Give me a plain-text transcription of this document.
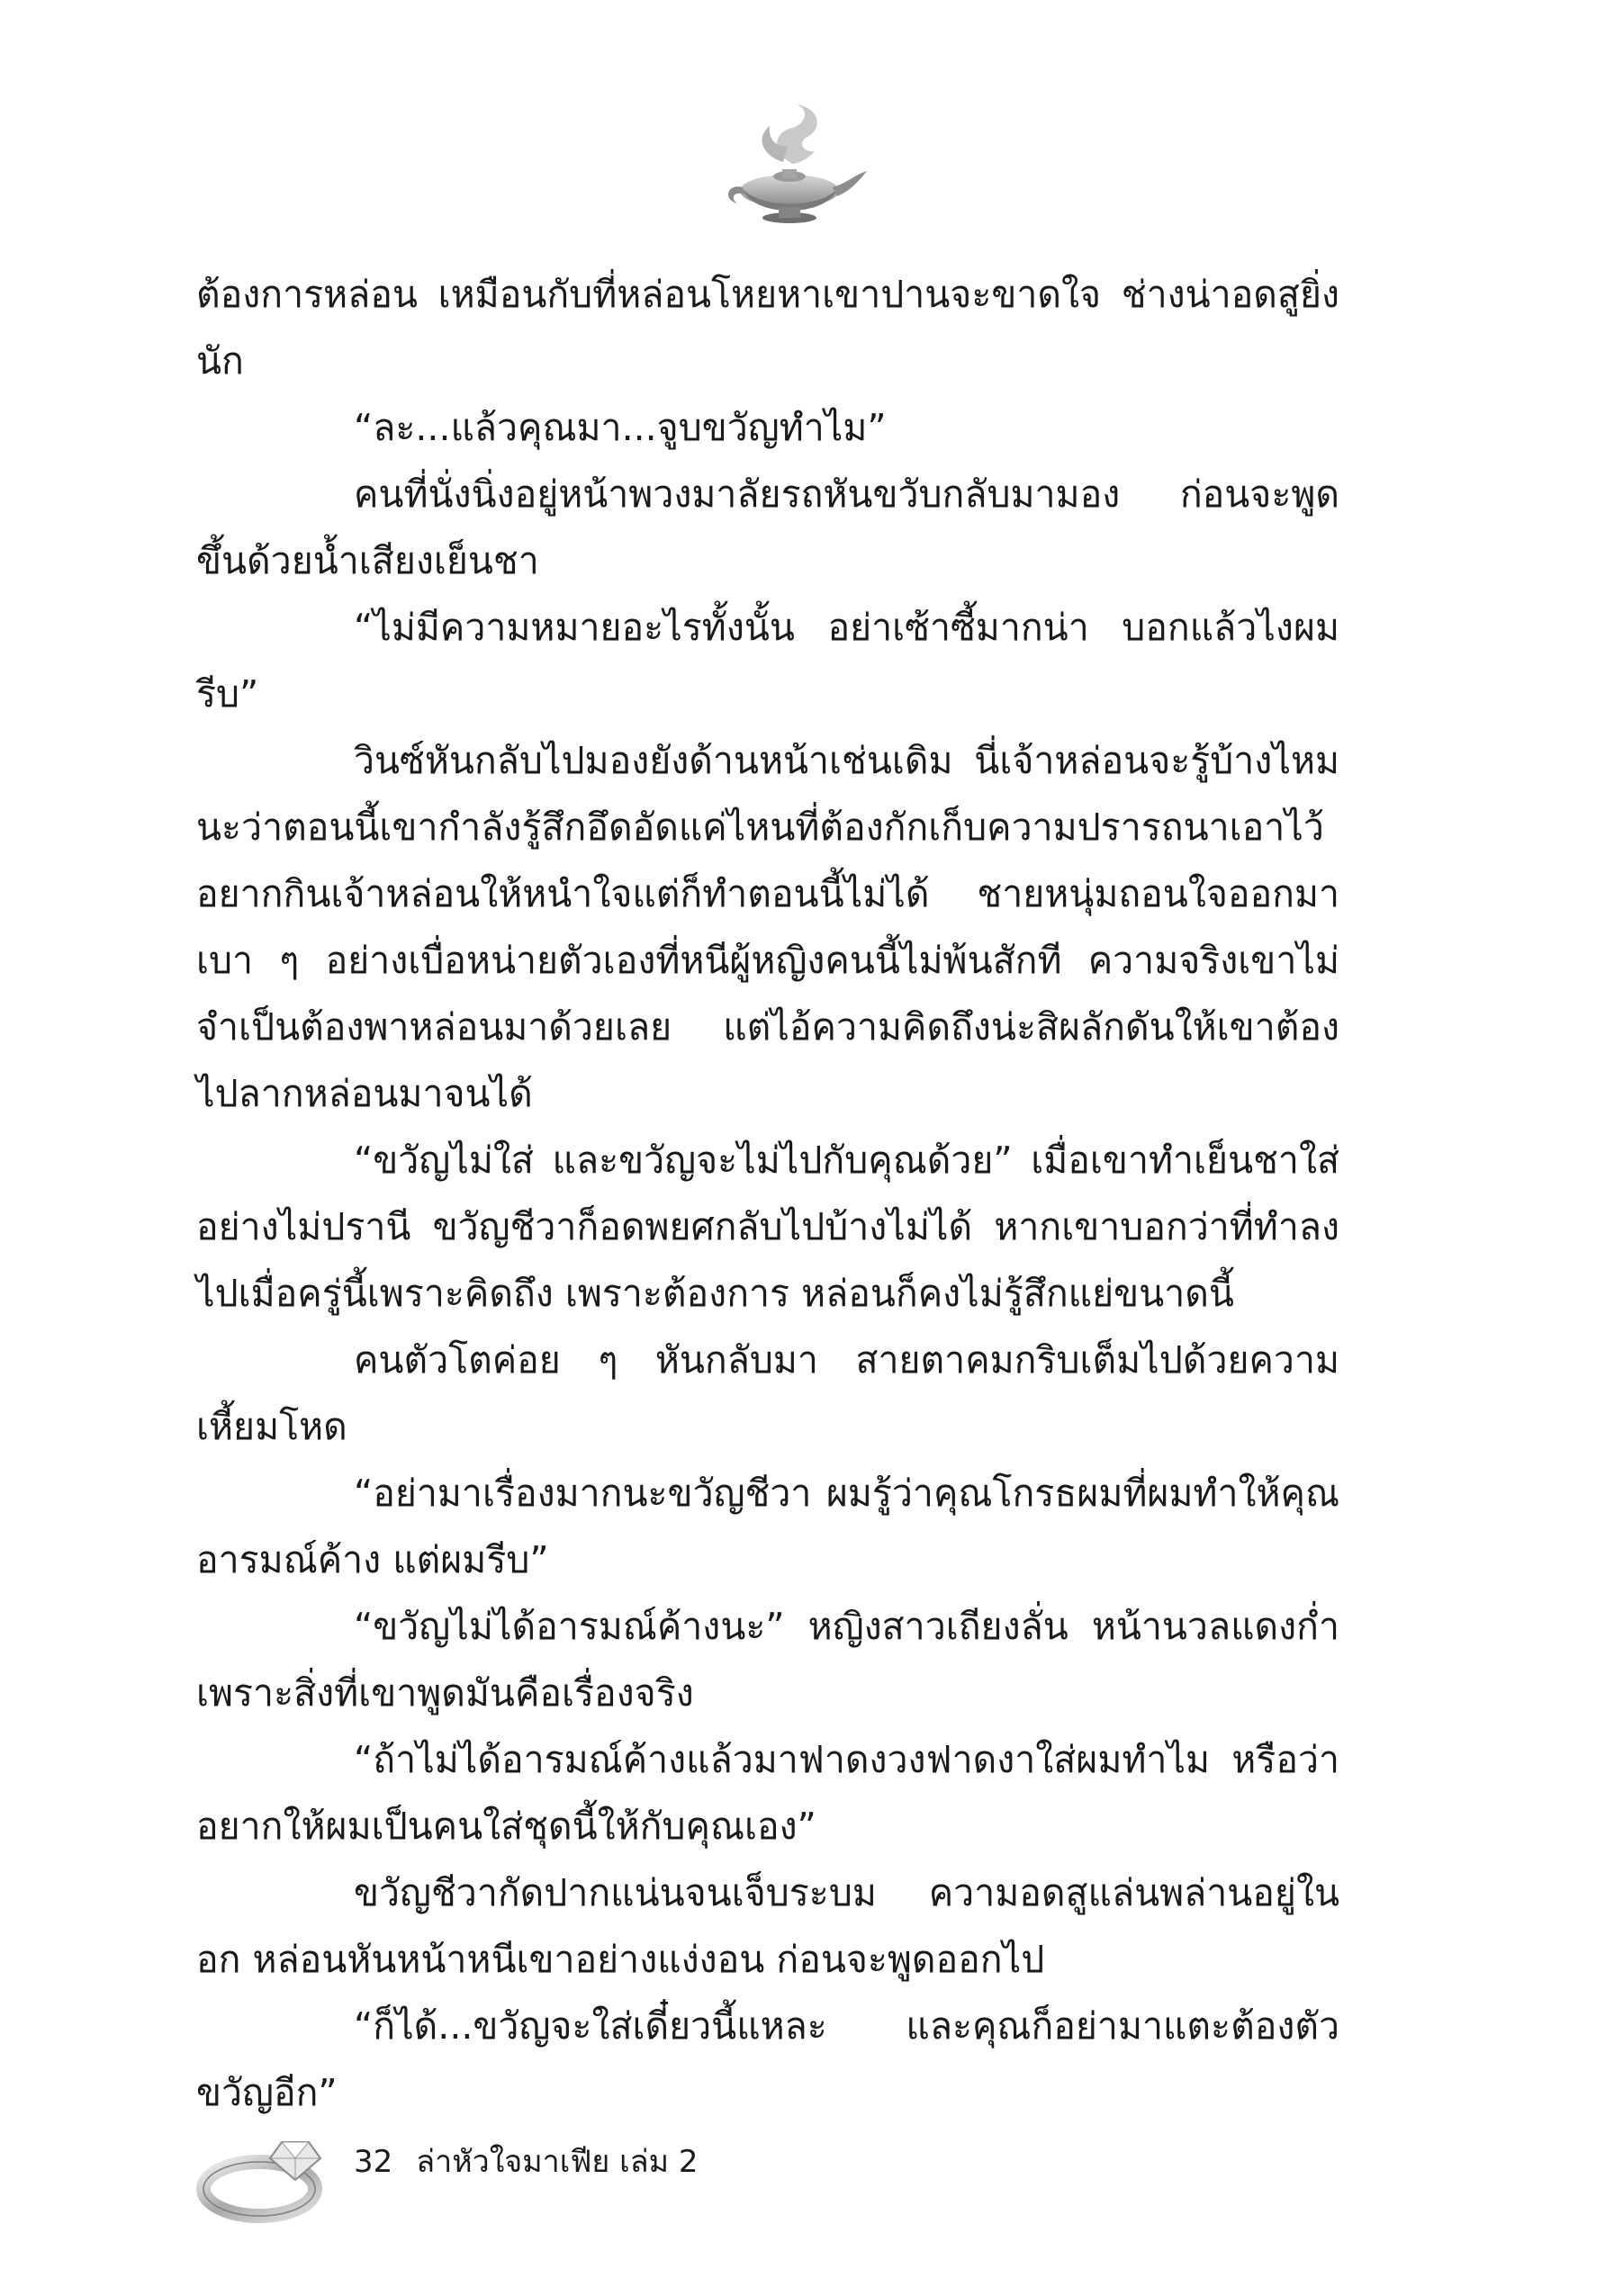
ต้องการหล่อน เหมือนกับที่หล่อนโหยหาเขาปานจะขาดใจ ช่างน่าอดสูยิ่งนัก

“ละ...แล้วคุณมา...จูบขวัญทำไม”

คนที่นั่งนิ่งอยู่หน้าพวงมาลัยรถหันขวับกลับมามอง ก่อนจะพูดขึ้นด้วยน้ำเสียงเย็นชา

“ไม่มีความหมายอะไรทั้งนั้น อย่าเซ้าซี้มากน่า บอกแล้วไงผมรีบ”

วินซ์หันกลับไปมองยังด้านหน้าเช่นเดิม นี่เจ้าหล่อนจะรู้บ้างไหมนะว่าตอนนี้เขากำลังรู้สึกอึดอัดแค่ไหนที่ต้องกักเก็บความปรารถนาเอาไว้ อยากกินเจ้าหล่อนให้หนำใจแต่ก็ทำตอนนี้ไม่ได้ ชายหนุ่มถอนใจออกมาเบา ๆ อย่างเบื่อหน่ายตัวเองที่หนีผู้หญิงคนนี้ไม่พ้นสักที ความจริงเขาไม่จำเป็นต้องพาหล่อนมาด้วยเลย แต่ไอ้ความคิดถึงน่ะสิผลักดันให้เขาต้องไปลากหล่อนมาจนได้

“ขวัญไม่ใส่ และขวัญจะไม่ไปกับคุณด้วย” เมื่อเขาทำเย็นชาใส่อย่างไม่ปรานี ขวัญชีวาก็อดพยศกลับไปบ้างไม่ได้ หากเขาบอกว่าที่ทำลงไปเมื่อครู่นี้เพราะคิดถึง เพราะต้องการ หล่อนก็คงไม่รู้สึกแย่ขนาดนี้

คนตัวโตค่อย ๆ หันกลับมา สายตาคมกริบเต็มไปด้วยความเหี้ยมโหด

“อย่ามาเรื่องมากนะขวัญชีวา ผมรู้ว่าคุณโกรธผมที่ผมทำให้คุณอารมณ์ค้าง แต่ผมรีบ”

“ขวัญไม่ได้อารมณ์ค้างนะ” หญิงสาวเถียงลั่น หน้านวลแดงก่ำเพราะสิ่งที่เขาพูดมันคือเรื่องจริง

“ถ้าไม่ได้อารมณ์ค้างแล้วมาฟาดงวงฟาดงาใส่ผมทำไม หรือว่าอยากให้ผมเป็นคนใส่ชุดนี้ให้กับคุณเอง”

ขวัญชีวากัดปากแน่นจนเจ็บระบม ความอดสูแล่นพล่านอยู่ในอก หล่อนหันหน้าหนีเขาอย่างแง่งอน ก่อนจะพูดออกไป

“ก็ได้...ขวัญจะใส่เดี๋ยวนี้แหละ และคุณก็อย่ามาแตะต้องตัวขวัญอีก”

32 ล่าหัวใจมาเฟีย เล่ม 2
